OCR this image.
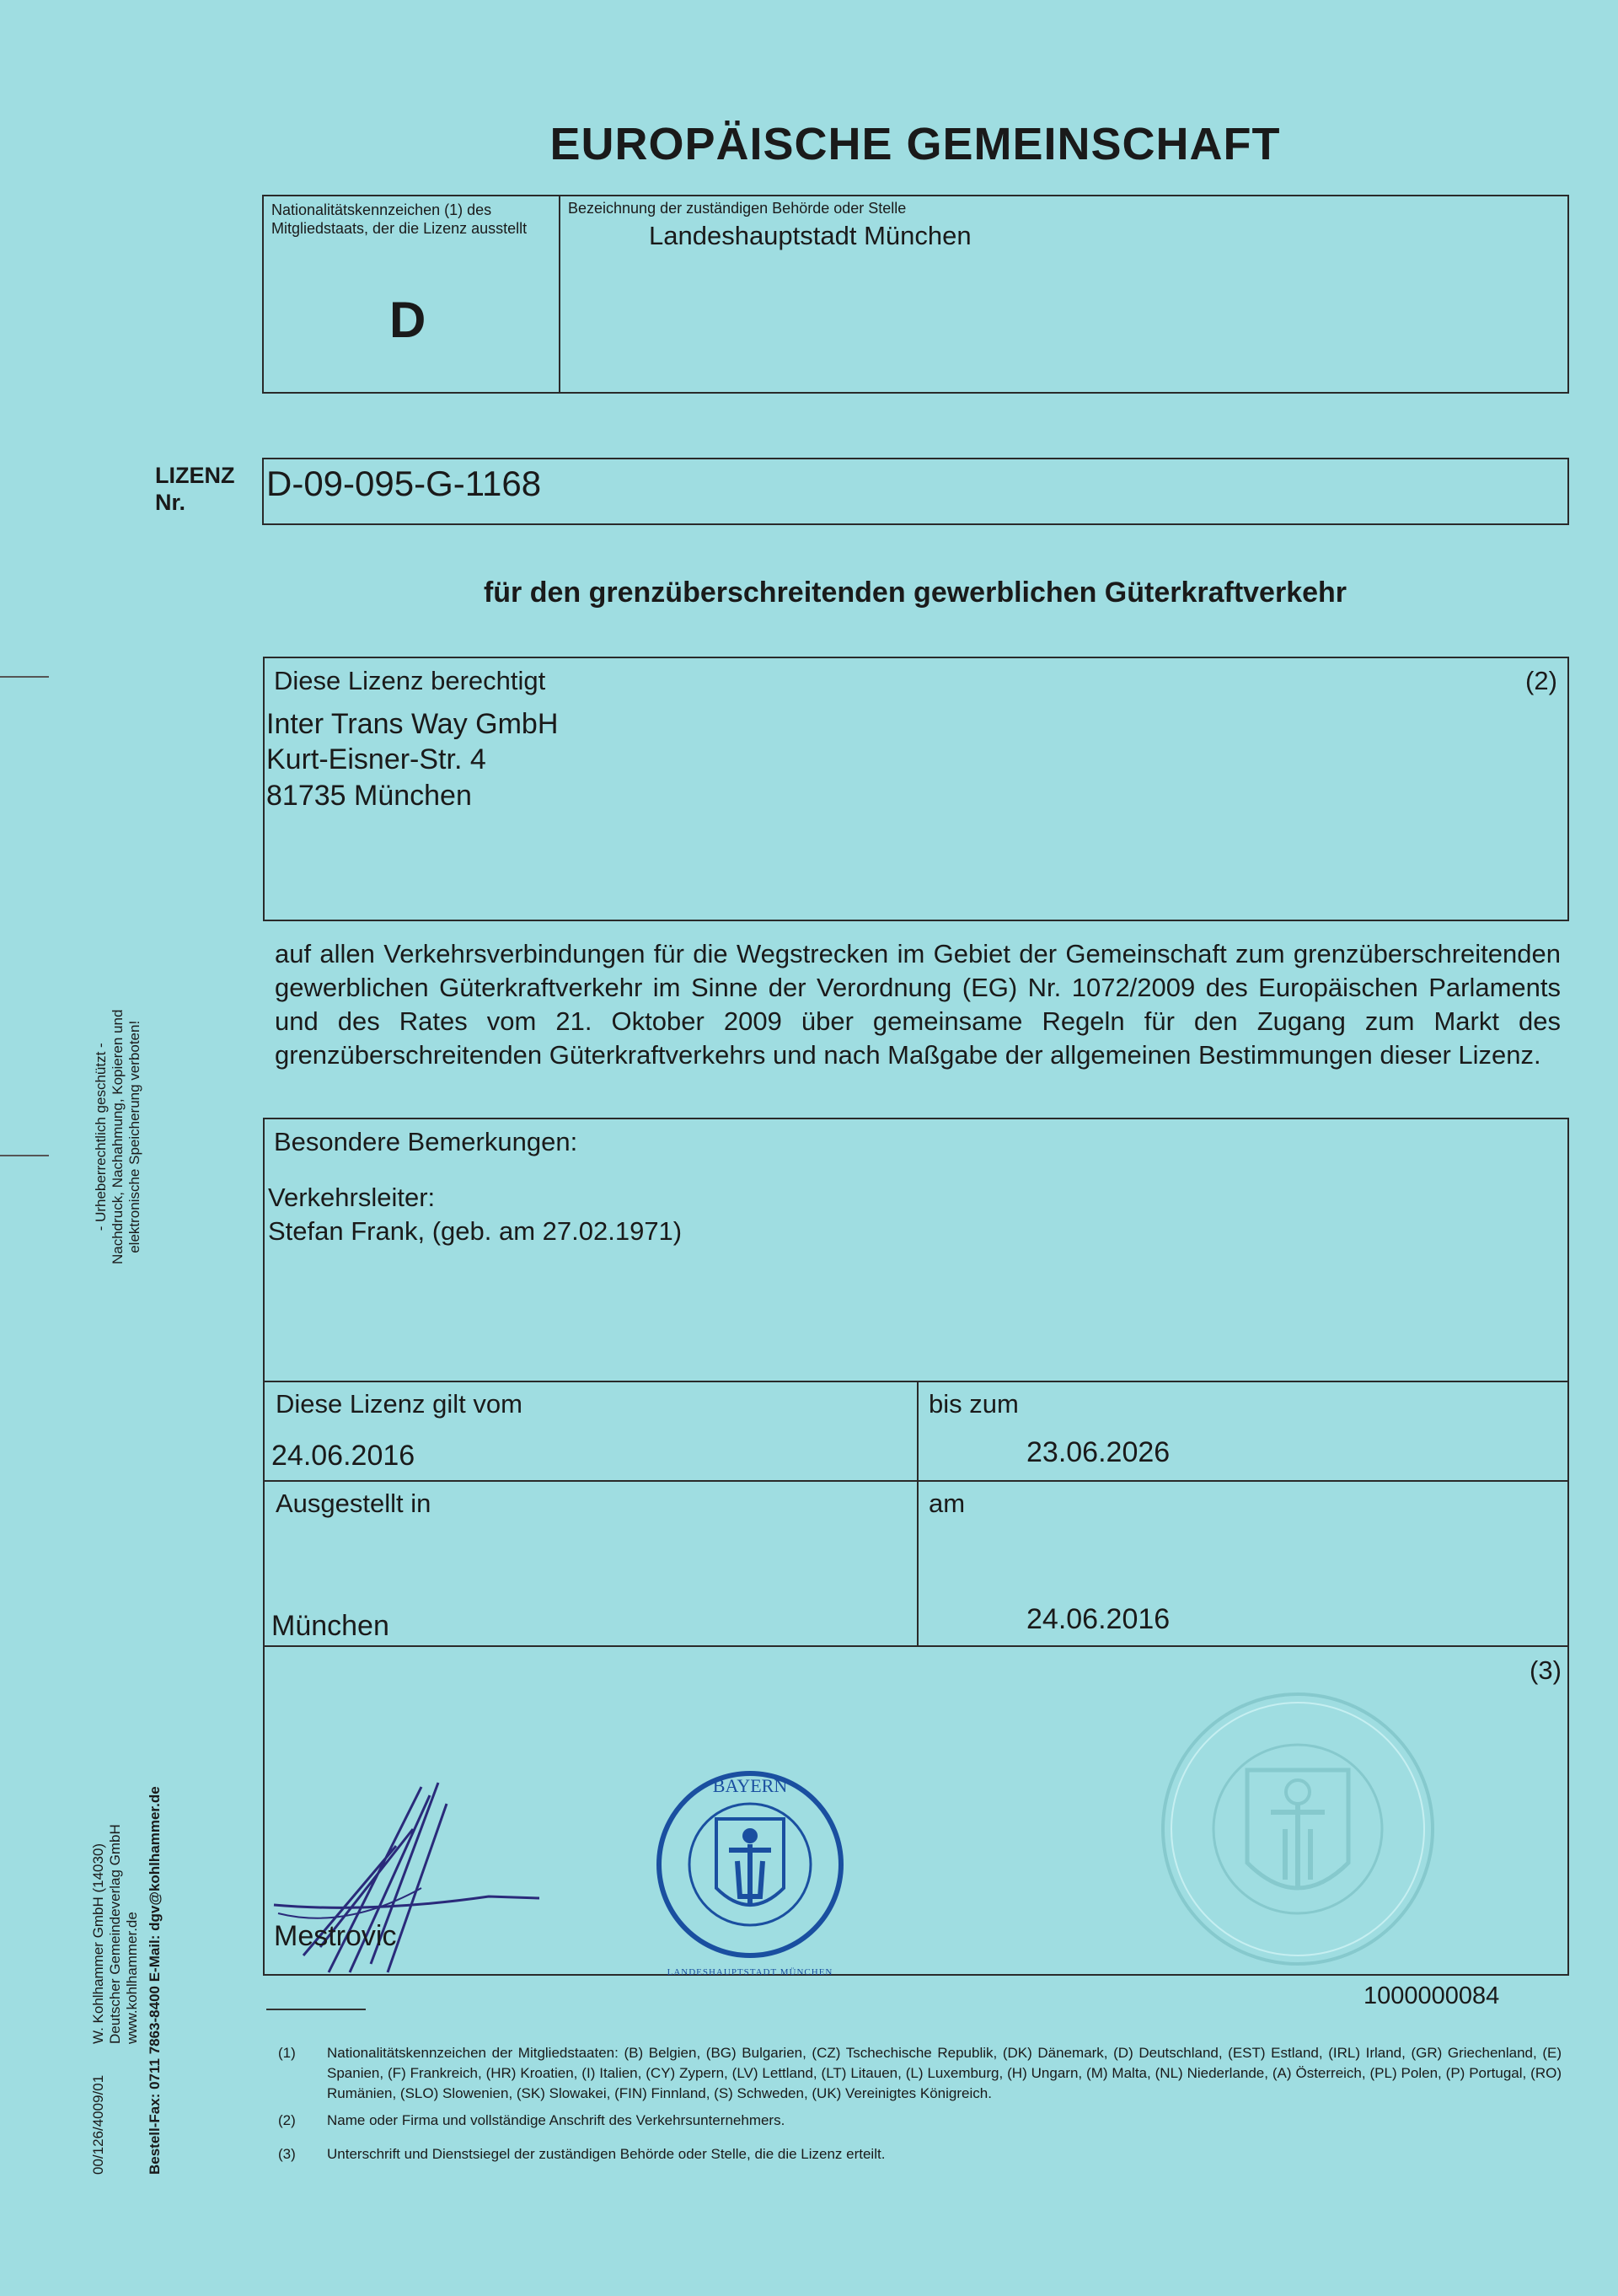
EUROPÄISCHE GEMEINSCHAFT
Nationalitätskennzeichen (1) des Mitgliedstaats, der die Lizenz ausstellt
D
Bezeichnung der zuständigen Behörde oder Stelle
Landeshauptstadt München
LIZENZ
Nr.	D-09-095-G-1168
für den grenzüberschreitenden gewerblichen Güterkraftverkehr
Diese Lizenz berechtigt	(2)
Inter Trans Way GmbH
Kurt-Eisner-Str. 4
81735 München
auf allen Verkehrsverbindungen für die Wegstrecken im Gebiet der Gemeinschaft zum grenzüberschreitenden gewerblichen Güterkraftverkehr im Sinne der Verordnung (EG) Nr. 1072/2009 des Europäischen Parlaments und des Rates vom 21. Oktober 2009 über gemeinsame Regeln für den Zugang zum Markt des grenzüberschreitenden Güterkraftverkehrs und nach Maßgabe der allgemeinen Bestimmungen dieser Lizenz.
Besondere Bemerkungen:
Verkehrsleiter:
Stefan Frank, (geb. am 27.02.1971)
Diese Lizenz gilt vom
24.06.2016
bis zum
23.06.2026
Ausgestellt in
München
am
24.06.2016
(3)
Mestrovic
BAYERN
LANDESHAUPTSTADT MÜNCHEN
1000000084
(1) Nationalitätskennzeichen der Mitgliedstaaten: (B) Belgien, (BG) Bulgarien, (CZ) Tschechische Republik, (DK) Dänemark, (D) Deutschland, (EST) Estland, (IRL) Irland, (GR) Griechenland, (E) Spanien, (F) Frankreich, (HR) Kroatien, (I) Italien, (CY) Zypern, (LV) Lettland, (LT) Litauen, (L) Luxemburg, (H) Ungarn, (M) Malta, (NL) Niederlande, (A) Österreich, (PL) Polen, (P) Portugal, (RO) Rumänien, (SLO) Slowenien, (SK) Slowakei, (FIN) Finnland, (S) Schweden, (UK) Vereinigtes Königreich.
(2) Name oder Firma und vollständige Anschrift des Verkehrsunternehmers.
(3) Unterschrift und Dienstsiegel der zuständigen Behörde oder Stelle, die die Lizenz erteilt.
- Urheberrechtlich geschützt - Nachdruck, Nachahmung, Kopieren und elektronische Speicherung verboten!
00/126/4009/01
W. Kohlhammer GmbH (14030) Deutscher Gemeindeverlag GmbH www.kohlhammer.de Bestell-Fax: 0711 7863-8400 E-Mail: dgv@kohlhammer.de
